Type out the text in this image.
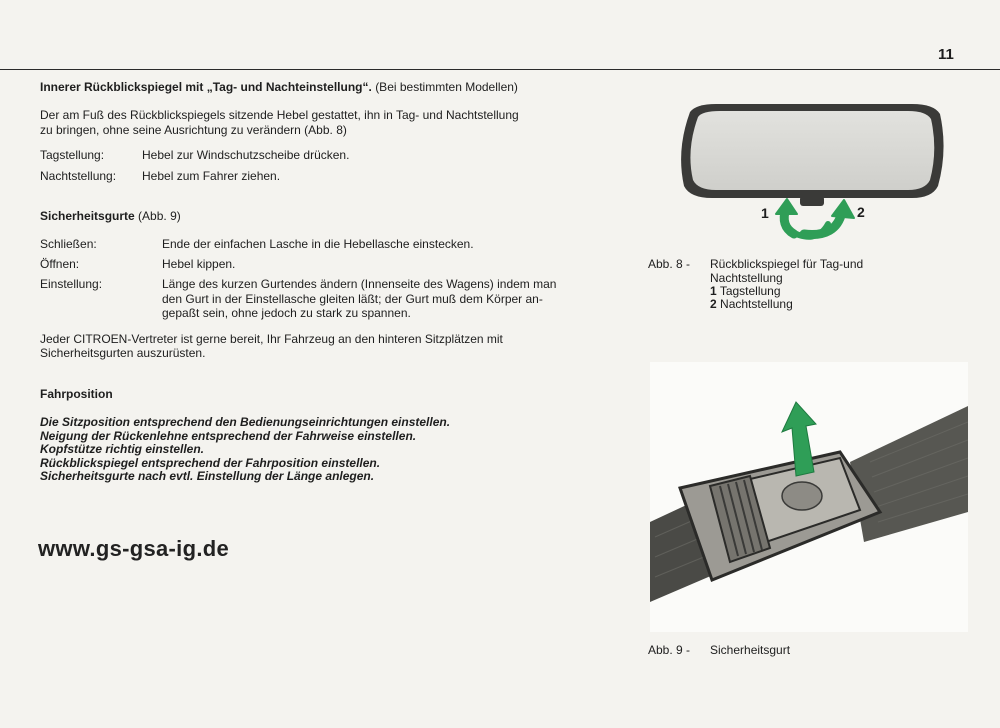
11
Innerer Rückblickspiegel mit „Tag- und Nachteinstellung“. (Bei bestimmten Modellen)
Der am Fuß des Rückblickspiegels sitzende Hebel gestattet, ihn in Tag- und Nachtstellung
zu bringen, ohne seine Ausrichtung zu verändern (Abb. 8)
Tagstellung:	Hebel zur Windschutzscheibe drücken.
Nachtstellung: Hebel zum Fahrer ziehen.
Sicherheitsgurte (Abb. 9)
Schließen:	Ende der einfachen Lasche in die Hebellasche einstecken.
Öffnen:	Hebel kippen.
Einstellung:	Länge des kurzen Gurtendes ändern (Innenseite des Wagens) indem man
den Gurt in der Einstellasche gleiten läßt; der Gurt muß dem Körper an-
gepaßt sein, ohne jedoch zu stark zu spannen.
Jeder CITROEN-Vertreter ist gerne bereit, Ihr Fahrzeug an den hinteren Sitzplätzen mit
Sicherheitsgurten auszurüsten.
Fahrposition
Die Sitzposition entsprechend den Bedienungseinrichtungen einstellen.
Neigung der Rückenlehne entsprechend der Fahrweise einstellen.
Kopfstütze richtig einstellen.
Rückblickspiegel entsprechend der Fahrposition einstellen.
Sicherheitsgurte nach evtl. Einstellung der Länge anlegen.
www.gs-gsa-ig.de
1	2
Abb. 8 - Rückblickspiegel für Tag-und
Nachtstellung
1 Tagstellung
2 Nachtstellung
Abb. 9 - Sicherheitsgurt
